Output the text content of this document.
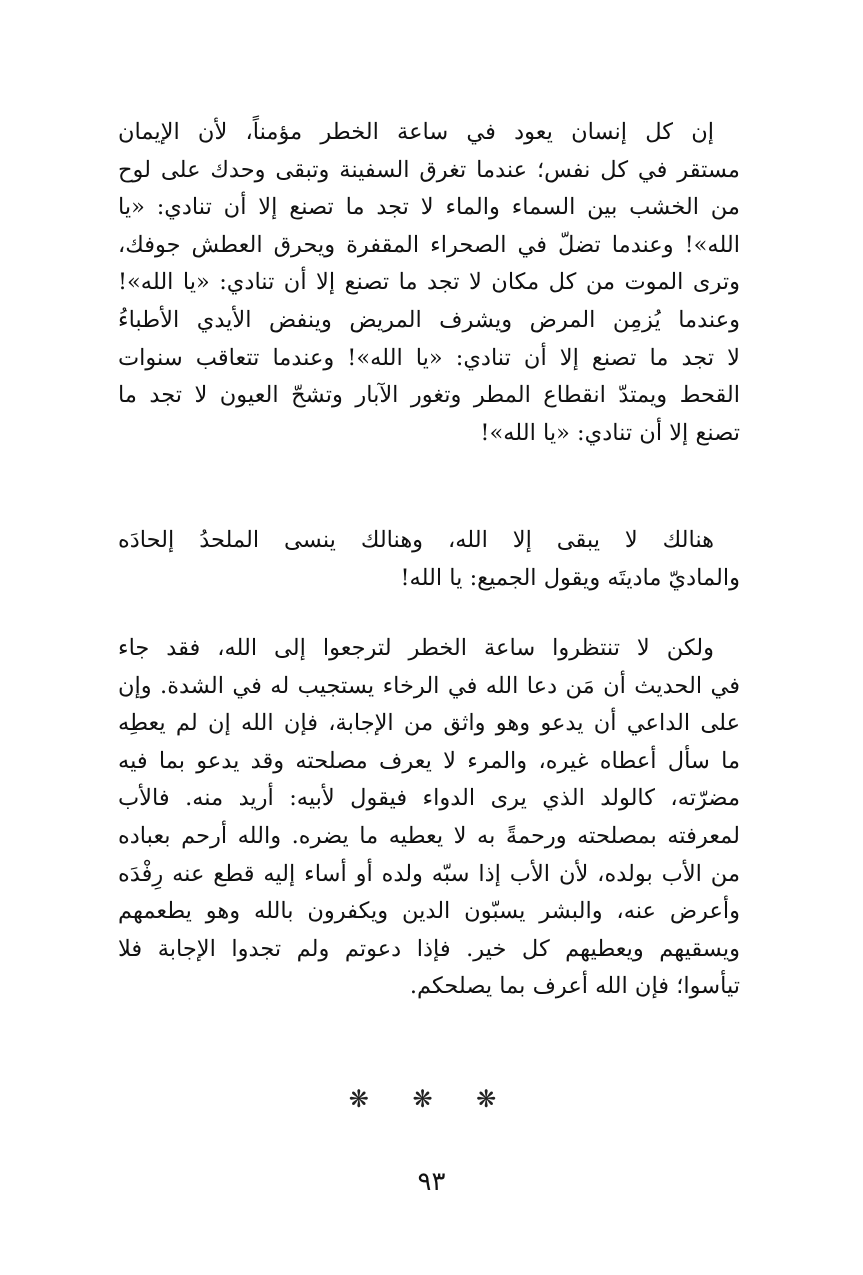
إن كل إنسان يعود في ساعة الخطر مؤمناً، لأن الإيمان
مستقر في كل نفس؛ عندما تغرق السفينة وتبقى وحدك على لوح
من الخشب بين السماء والماء لا تجد ما تصنع إلا أن تنادي: «يا
الله»! وعندما تضلّ في الصحراء المقفرة ويحرق العطش جوفك،
وترى الموت من كل مكان لا تجد ما تصنع إلا أن تنادي: «يا الله»!
وعندما يُزمِن المرض ويشرف المريض وينفض الأيدي الأطباءُ
لا تجد ما تصنع إلا أن تنادي: «يا الله»! وعندما تتعاقب سنوات
القحط ويمتدّ انقطاع المطر وتغور الآبار وتشحّ العيون لا تجد ما
تصنع إلا أن تنادي: «يا الله»!

هنالك لا يبقى إلا الله، وهنالك ينسى الملحدُ إلحادَه
والماديّ ماديتَه ويقول الجميع: يا الله!

ولكن لا تنتظروا ساعة الخطر لترجعوا إلى الله، فقد جاء
في الحديث أن مَن دعا الله في الرخاء يستجيب له في الشدة. وإن
على الداعي أن يدعو وهو واثق من الإجابة، فإن الله إن لم يعطِه
ما سأل أعطاه غيره، والمرء لا يعرف مصلحته وقد يدعو بما فيه
مضرّته، كالولد الذي يرى الدواء فيقول لأبيه: أريد منه. فالأب
لمعرفته بمصلحته ورحمةً به لا يعطيه ما يضره. والله أرحم بعباده
من الأب بولده، لأن الأب إذا سبّه ولده أو أساء إليه قطع عنه رِفْدَه
وأعرض عنه، والبشر يسبّون الدين ويكفرون بالله وهو يطعمهم
ويسقيهم ويعطيهم كل خير. فإذا دعوتم ولم تجدوا الإجابة فلا
تيأسوا؛ فإن الله أعرف بما يصلحكم.

❋ ❋ ❋
٩٣
